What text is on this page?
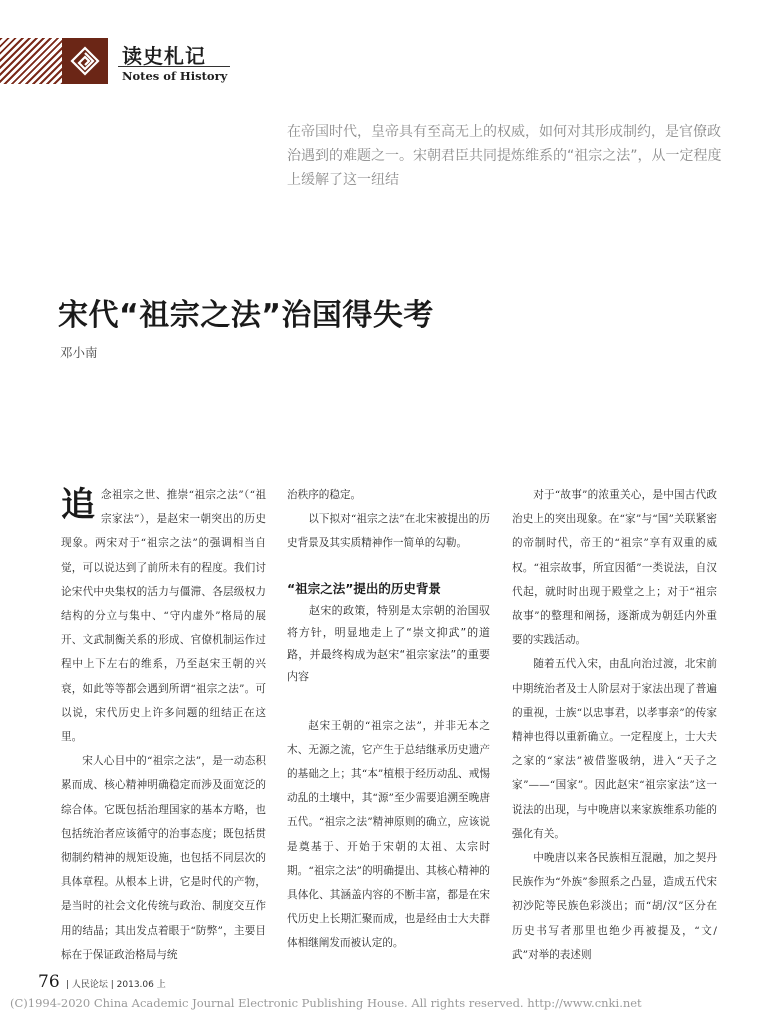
读史札记
Notes of History
在帝国时代，皇帝具有至高无上的权威，如何对其形成制约，是官僚政治遇到的难题之一。宋朝君臣共同提炼维系的“祖宗之法”，从一定程度上缓解了这一纽结
宋代“祖宗之法”治国得失考
邓小南

追念祖宗之世、推崇“祖宗之法”（“祖宗家法”），是赵宋一朝突出的历史现象。两宋对于“祖宗之法”的强调相当自觉，可以说达到了前所未有的程度。我们讨论宋代中央集权的活力与僵滞、各层级权力结构的分立与集中、“守内虚外”格局的展开、文武制衡关系的形成、官僚机制运作过程中上下左右的维系，乃至赵宋王朝的兴衰，如此等等都会遇到所谓“祖宗之法”。可以说，宋代历史上许多问题的纽结正在这里。

宋人心目中的“祖宗之法”，是一动态积累而成、核心精神明确稳定而涉及面宽泛的综合体。它既包括治理国家的基本方略，也包括统治者应该循守的治事态度；既包括贯彻制约精神的规矩设施，也包括不同层次的具体章程。从根本上讲，它是时代的产物，是当时的社会文化传统与政治、制度交互作用的结晶；其出发点着眼于“防弊”，主要目标在于保证政治格局与统

治秩序的稳定。

以下拟对“祖宗之法”在北宋被提出的历史背景及其实质精神作一简单的勾勒。

“祖宗之法”提出的历史背景

赵宋的政策，特别是太宗朝的治国驭将方针，明显地走上了“崇文抑武”的道路，并最终构成为赵宋“祖宗家法”的重要内容

赵宋王朝的“祖宗之法”，并非无本之木、无源之流，它产生于总结继承历史遗产的基础之上；其“本”植根于经历动乱、戒惕动乱的土壤中，其“源”至少需要追溯至晚唐五代。“祖宗之法”精神原则的确立，应该说是奠基于、开始于宋朝的太祖、太宗时期。“祖宗之法”的明确提出、其核心精神的具体化、其涵盖内容的不断丰富，都是在宋代历史上长期汇聚而成，也是经由士大夫群体相继阐发而被认定的。

对于“故事”的浓重关心，是中国古代政治史上的突出现象。在“家”与“国”关联紧密的帝制时代，帝王的“祖宗”享有双重的威权。“祖宗故事，所宜因循”一类说法，自汉代起，就时时出现于殿堂之上；对于“祖宗故事”的整理和阐扬，逐渐成为朝廷内外重要的实践活动。

随着五代入宋，由乱向治过渡，北宋前中期统治者及士人阶层对于家法出现了普遍的重视，士族“以忠事君，以孝事亲”的传家精神也得以重新确立。一定程度上，士大夫之家的“家法”被借鉴吸纳，进入“天子之家”——“国家”。因此赵宋“祖宗家法”这一说法的出现，与中晚唐以来家族维系功能的强化有关。

中晚唐以来各民族相互混融，加之契丹民族作为“外族”参照系之凸显，造成五代宋初沙陀等民族色彩淡出；而“胡/汉”区分在历史书写者那里也绝少再被提及，“文/武”对举的表述则

76 | 人民论坛 | 2013.06 上
(C)1994-2020 China Academic Journal Electronic Publishing House. All rights reserved. http://www.cnki.net
